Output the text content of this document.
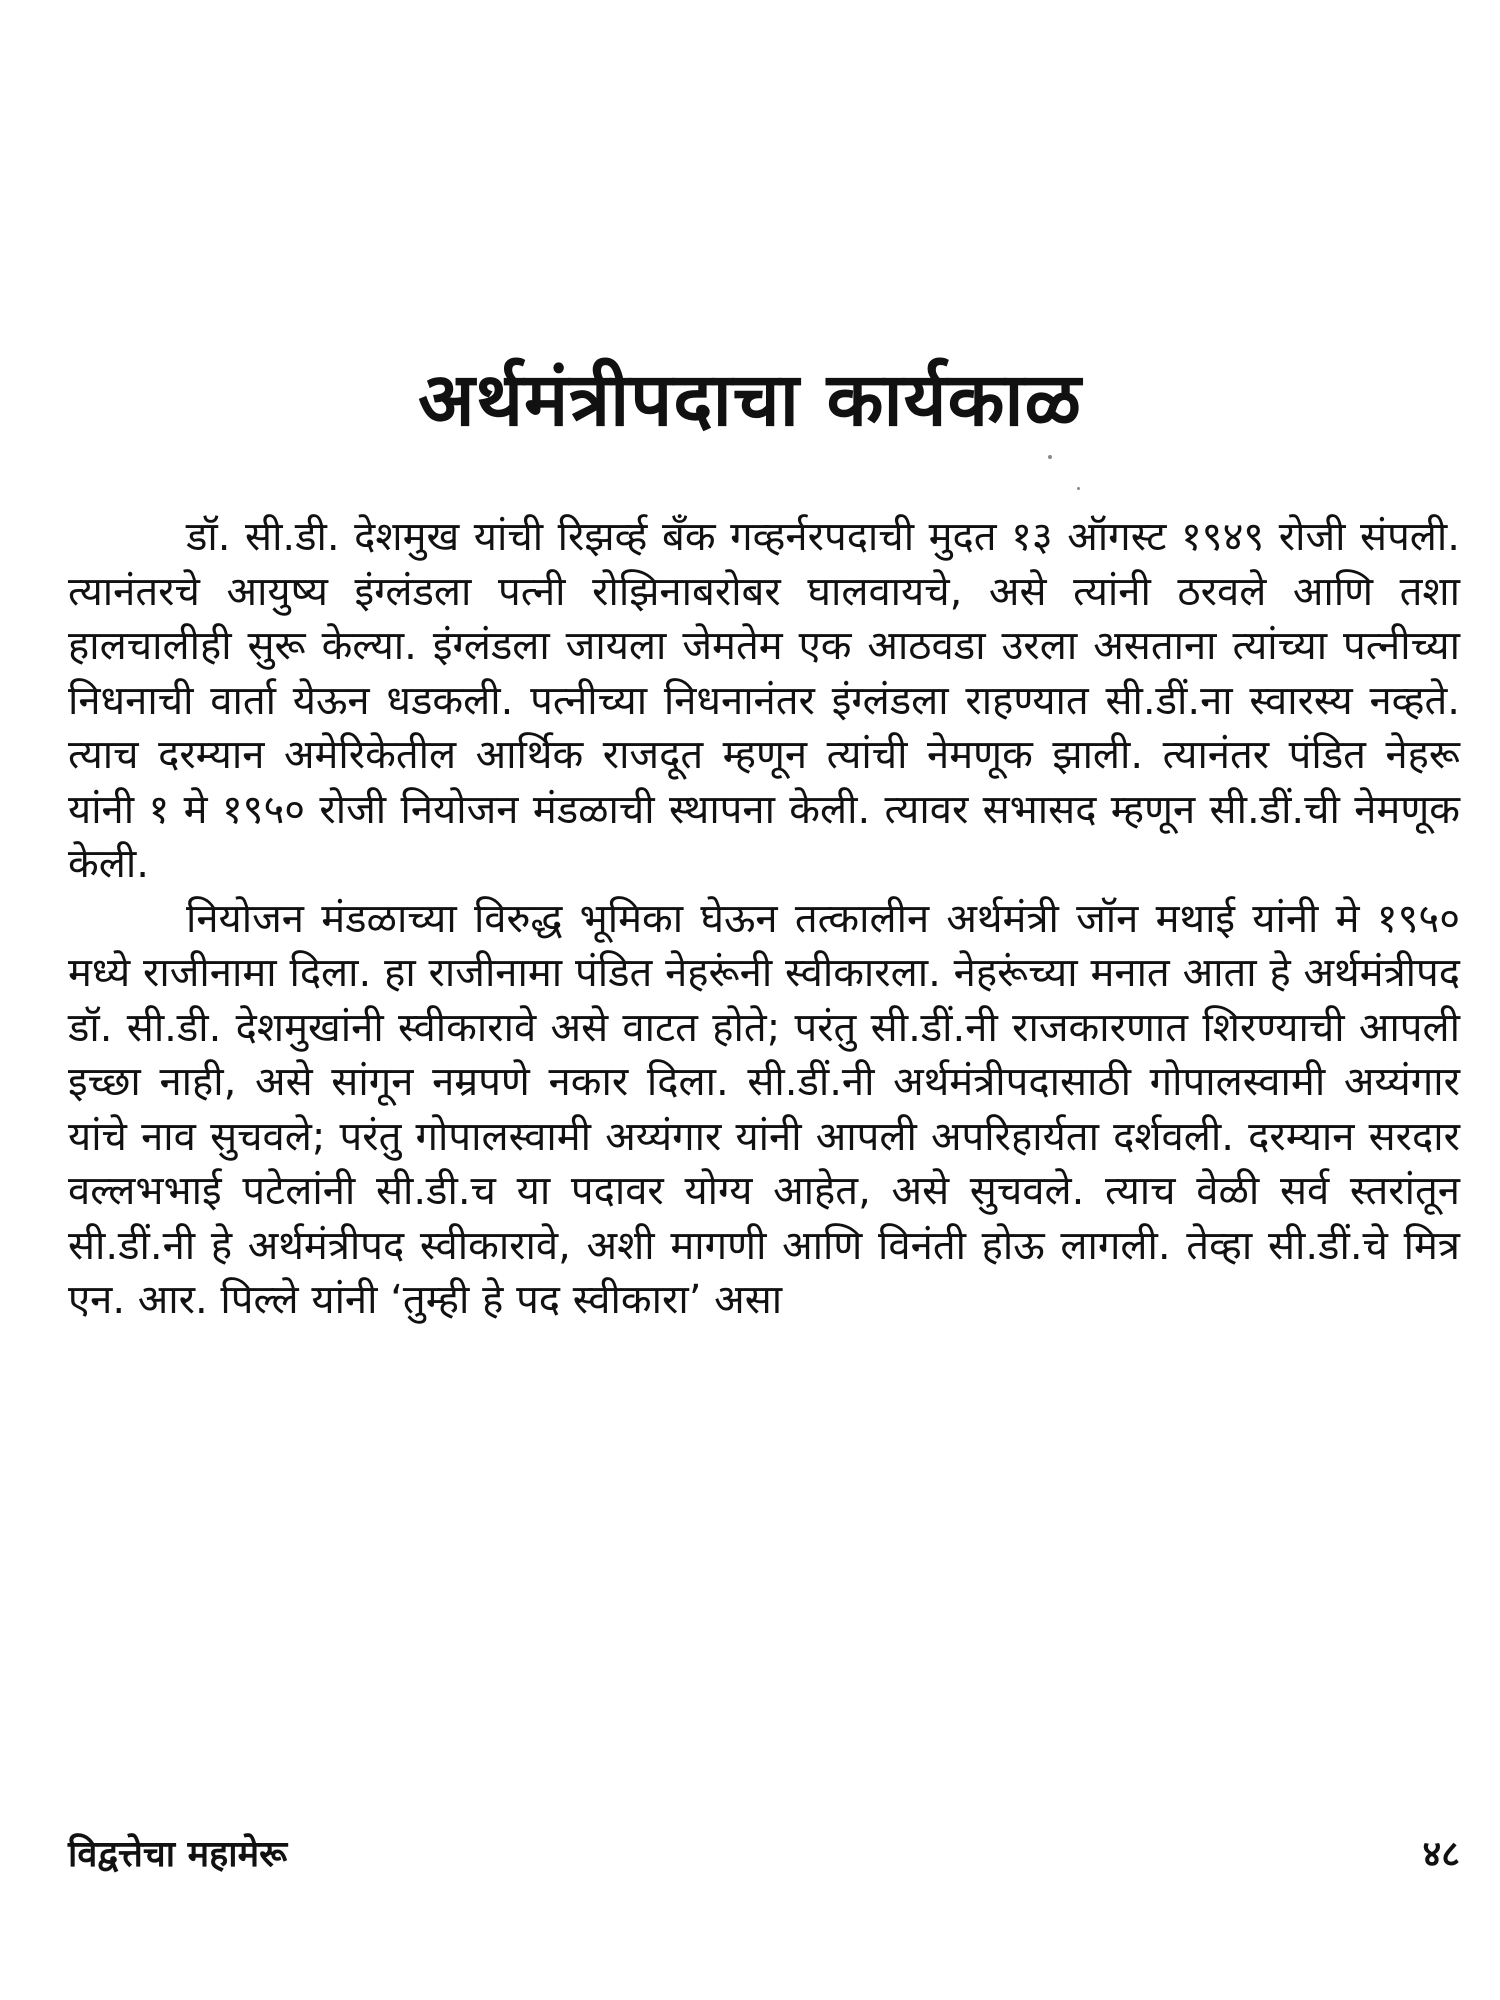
अर्थमंत्रीपदाचा कार्यकाळ

डॉ. सी.डी. देशमुख यांची रिझर्व्ह बँक गव्हर्नरपदाची मुदत १३ ऑगस्ट १९४९ रोजी संपली. त्यानंतरचे आयुष्य इंग्लंडला पत्नी रोझिनाबरोबर घालवायचे, असे त्यांनी ठरवले आणि तशा हालचालीही सुरू केल्या. इंग्लंडला जायला जेमतेम एक आठवडा उरला असताना त्यांच्या पत्नीच्या निधनाची वार्ता येऊन धडकली. पत्नीच्या निधनानंतर इंग्लंडला राहण्यात सी.डीं.ना स्वारस्य नव्हते. त्याच दरम्यान अमेरिकेतील आर्थिक राजदूत म्हणून त्यांची नेमणूक झाली. त्यानंतर पंडित नेहरू यांनी १ मे १९५० रोजी नियोजन मंडळाची स्थापना केली. त्यावर सभासद म्हणून सी.डीं.ची नेमणूक केली.

नियोजन मंडळाच्या विरुद्ध भूमिका घेऊन तत्कालीन अर्थमंत्री जॉन मथाई यांनी मे १९५० मध्ये राजीनामा दिला. हा राजीनामा पंडित नेहरूंनी स्वीकारला. नेहरूंच्या मनात आता हे अर्थमंत्रीपद डॉ. सी.डी. देशमुखांनी स्वीकारावे असे वाटत होते; परंतु सी.डीं.नी राजकारणात शिरण्याची आपली इच्छा नाही, असे सांगून नम्रपणे नकार दिला. सी.डीं.नी अर्थमंत्रीपदासाठी गोपालस्वामी अय्यंगार यांचे नाव सुचवले; परंतु गोपालस्वामी अय्यंगार यांनी आपली अपरिहार्यता दर्शवली. दरम्यान सरदार वल्लभभाई पटेलांनी सी.डी.च या पदावर योग्य आहेत, असे सुचवले. त्याच वेळी सर्व स्तरांतून सी.डीं.नी हे अर्थमंत्रीपद स्वीकारावे, अशी मागणी आणि विनंती होऊ लागली. तेव्हा सी.डीं.चे मित्र एन. आर. पिल्ले यांनी ‘तुम्ही हे पद स्वीकारा’ असा

विद्वत्तेचा महामेरू	४८
